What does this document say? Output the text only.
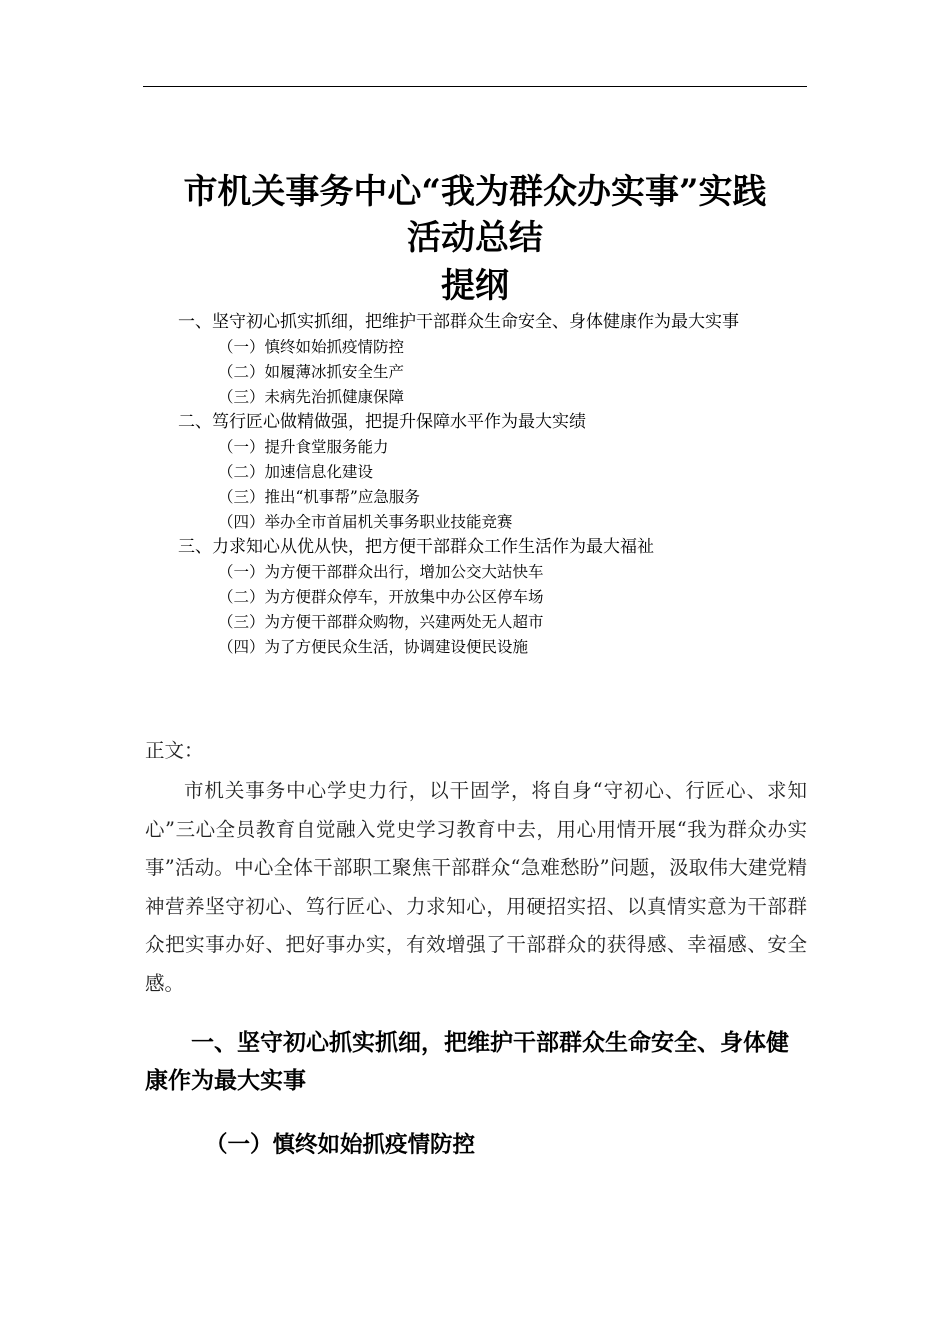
市机关事务中心“我为群众办实事”实践
活动总结
提纲
一、坚守初心抓实抓细，把维护干部群众生命安全、身体健康作为最大实事
（一）慎终如始抓疫情防控
（二）如履薄冰抓安全生产
（三）未病先治抓健康保障
二、笃行匠心做精做强，把提升保障水平作为最大实绩
（一）提升食堂服务能力
（二）加速信息化建设
（三）推出“机事帮”应急服务
（四）举办全市首届机关事务职业技能竞赛
三、力求知心从优从快，把方便干部群众工作生活作为最大福祉
（一）为方便干部群众出行，增加公交大站快车
（二）为方便群众停车，开放集中办公区停车场
（三）为方便干部群众购物，兴建两处无人超市
（四）为了方便民众生活，协调建设便民设施
正文：
市机关事务中心学史力行，以干固学，将自身“守初心、行匠心、求知心”三心全员教育自觉融入党史学习教育中去，用心用情开展“我为群众办实事”活动。中心全体干部职工聚焦干部群众“急难愁盼”问题，汲取伟大建党精神营养坚守初心、笃行匠心、力求知心，用硬招实招、以真情实意为干部群众把实事办好、把好事办实，有效增强了干部群众的获得感、幸福感、安全感。
一、坚守初心抓实抓细，把维护干部群众生命安全、身体健康作为最大实事
（一）慎终如始抓疫情防控
